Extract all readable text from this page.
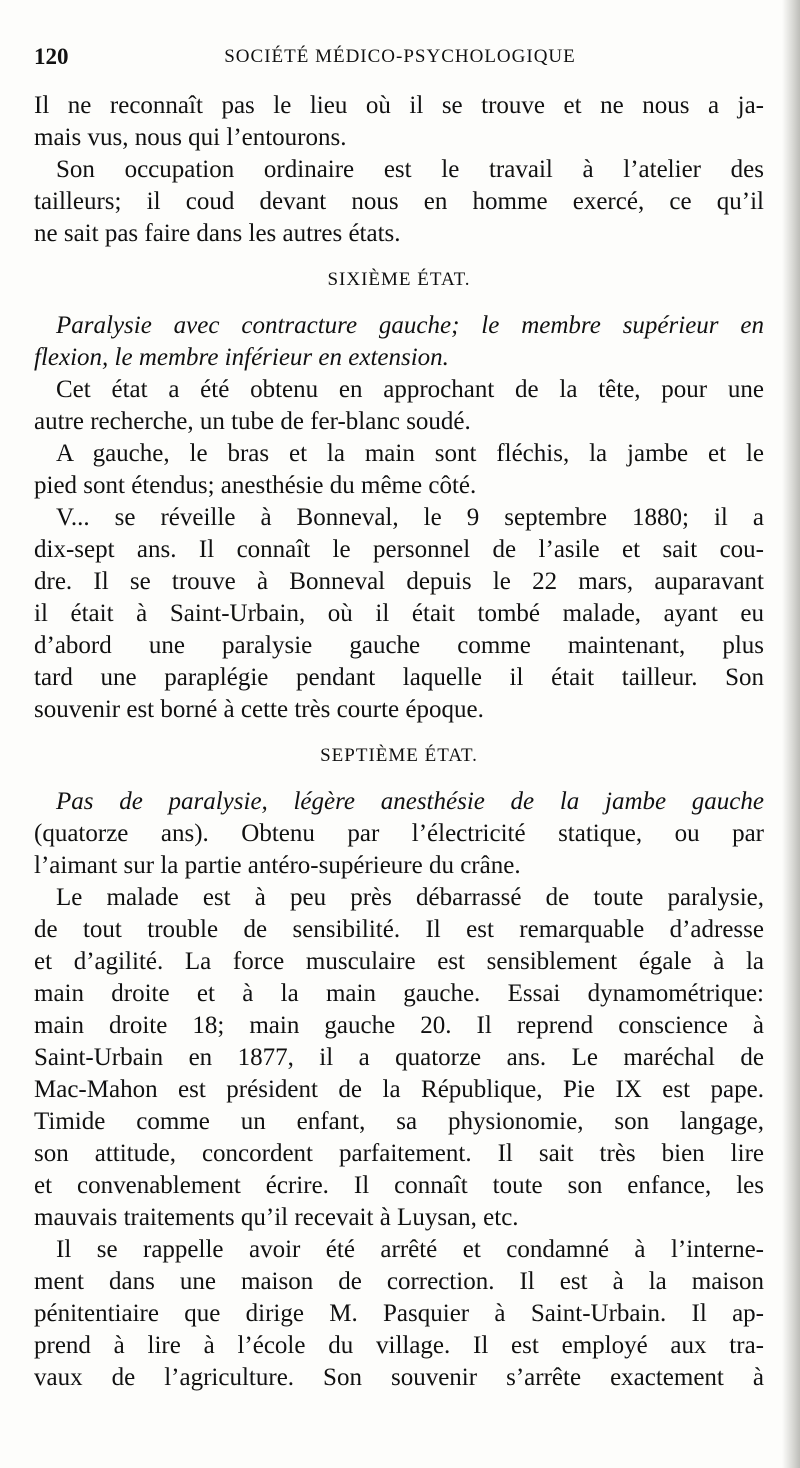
120	SOCIÉTÉ MÉDICO-PSYCHOLOGIQUE
Il ne reconnaît pas le lieu où il se trouve et ne nous a ja-
mais vus, nous qui l’entourons.
Son occupation ordinaire est le travail à l’atelier des
tailleurs; il coud devant nous en homme exercé, ce qu’il
ne sait pas faire dans les autres états.
SIXIÈME ÉTAT.
Paralysie avec contracture gauche; le membre supérieur en
flexion, le membre inférieur en extension.
Cet état a été obtenu en approchant de la tête, pour une
autre recherche, un tube de fer-blanc soudé.
A gauche, le bras et la main sont fléchis, la jambe et le
pied sont étendus; anesthésie du même côté.
V... se réveille à Bonneval, le 9 septembre 1880; il a
dix-sept ans. Il connaît le personnel de l’asile et sait cou-
dre. Il se trouve à Bonneval depuis le 22 mars, auparavant
il était à Saint-Urbain, où il était tombé malade, ayant eu
d’abord une paralysie gauche comme maintenant, plus
tard une paraplégie pendant laquelle il était tailleur. Son
souvenir est borné à cette très courte époque.
SEPTIÈME ÉTAT.
Pas de paralysie, légère anesthésie de la jambe gauche
(quatorze ans). Obtenu par l’électricité statique, ou par
l’aimant sur la partie antéro-supérieure du crâne.
Le malade est à peu près débarrassé de toute paralysie,
de tout trouble de sensibilité. Il est remarquable d’adresse
et d’agilité. La force musculaire est sensiblement égale à la
main droite et à la main gauche. Essai dynamométrique:
main droite 18; main gauche 20. Il reprend conscience à
Saint-Urbain en 1877, il a quatorze ans. Le maréchal de
Mac-Mahon est président de la République, Pie IX est pape.
Timide comme un enfant, sa physionomie, son langage,
son attitude, concordent parfaitement. Il sait très bien lire
et convenablement écrire. Il connaît toute son enfance, les
mauvais traitements qu’il recevait à Luysan, etc.
Il se rappelle avoir été arrêté et condamné à l’interne-
ment dans une maison de correction. Il est à la maison
pénitentiaire que dirige M. Pasquier à Saint-Urbain. Il ap-
prend à lire à l’école du village. Il est employé aux tra-
vaux de l’agriculture. Son souvenir s’arrête exactement à
